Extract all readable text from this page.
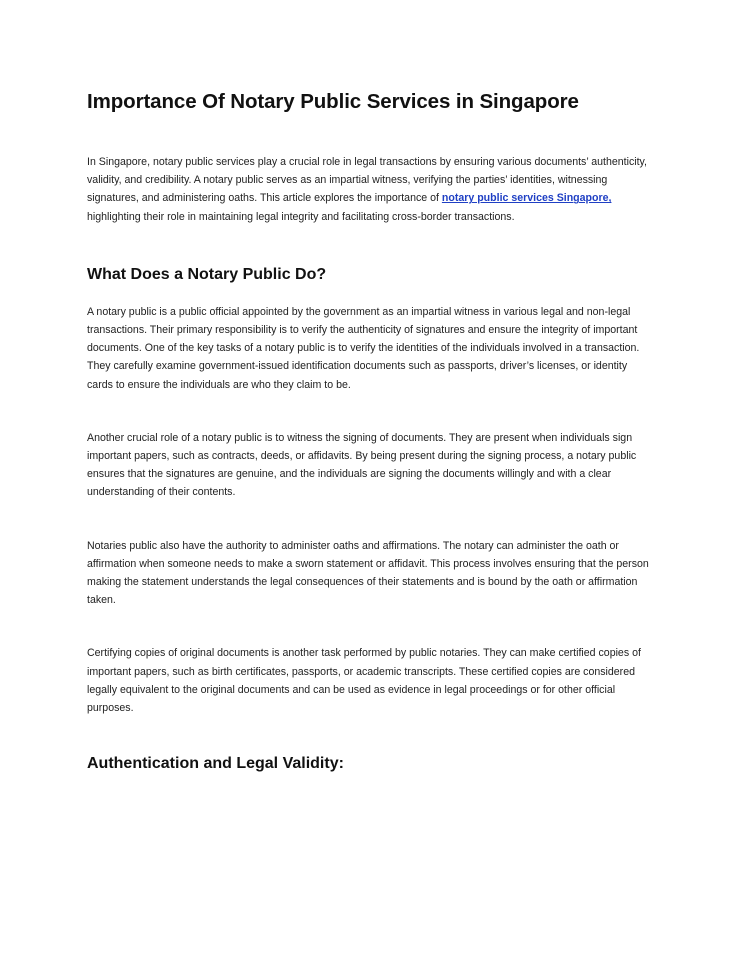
Importance Of Notary Public Services in Singapore

In Singapore, notary public services play a crucial role in legal transactions by ensuring various documents’ authenticity, validity, and credibility. A notary public serves as an impartial witness, verifying the parties’ identities, witnessing signatures, and administering oaths. This article explores the importance of notary public services Singapore, highlighting their role in maintaining legal integrity and facilitating cross-border transactions.

What Does a Notary Public Do?

A notary public is a public official appointed by the government as an impartial witness in various legal and non-legal transactions. Their primary responsibility is to verify the authenticity of signatures and ensure the integrity of important documents. One of the key tasks of a notary public is to verify the identities of the individuals involved in a transaction. They carefully examine government-issued identification documents such as passports, driver’s licenses, or identity cards to ensure the individuals are who they claim to be.

Another crucial role of a notary public is to witness the signing of documents. They are present when individuals sign important papers, such as contracts, deeds, or affidavits. By being present during the signing process, a notary public ensures that the signatures are genuine, and the individuals are signing the documents willingly and with a clear understanding of their contents.

Notaries public also have the authority to administer oaths and affirmations. The notary can administer the oath or affirmation when someone needs to make a sworn statement or affidavit. This process involves ensuring that the person making the statement understands the legal consequences of their statements and is bound by the oath or affirmation taken.

Certifying copies of original documents is another task performed by public notaries. They can make certified copies of important papers, such as birth certificates, passports, or academic transcripts. These certified copies are considered legally equivalent to the original documents and can be used as evidence in legal proceedings or for other official purposes.

Authentication and Legal Validity:
